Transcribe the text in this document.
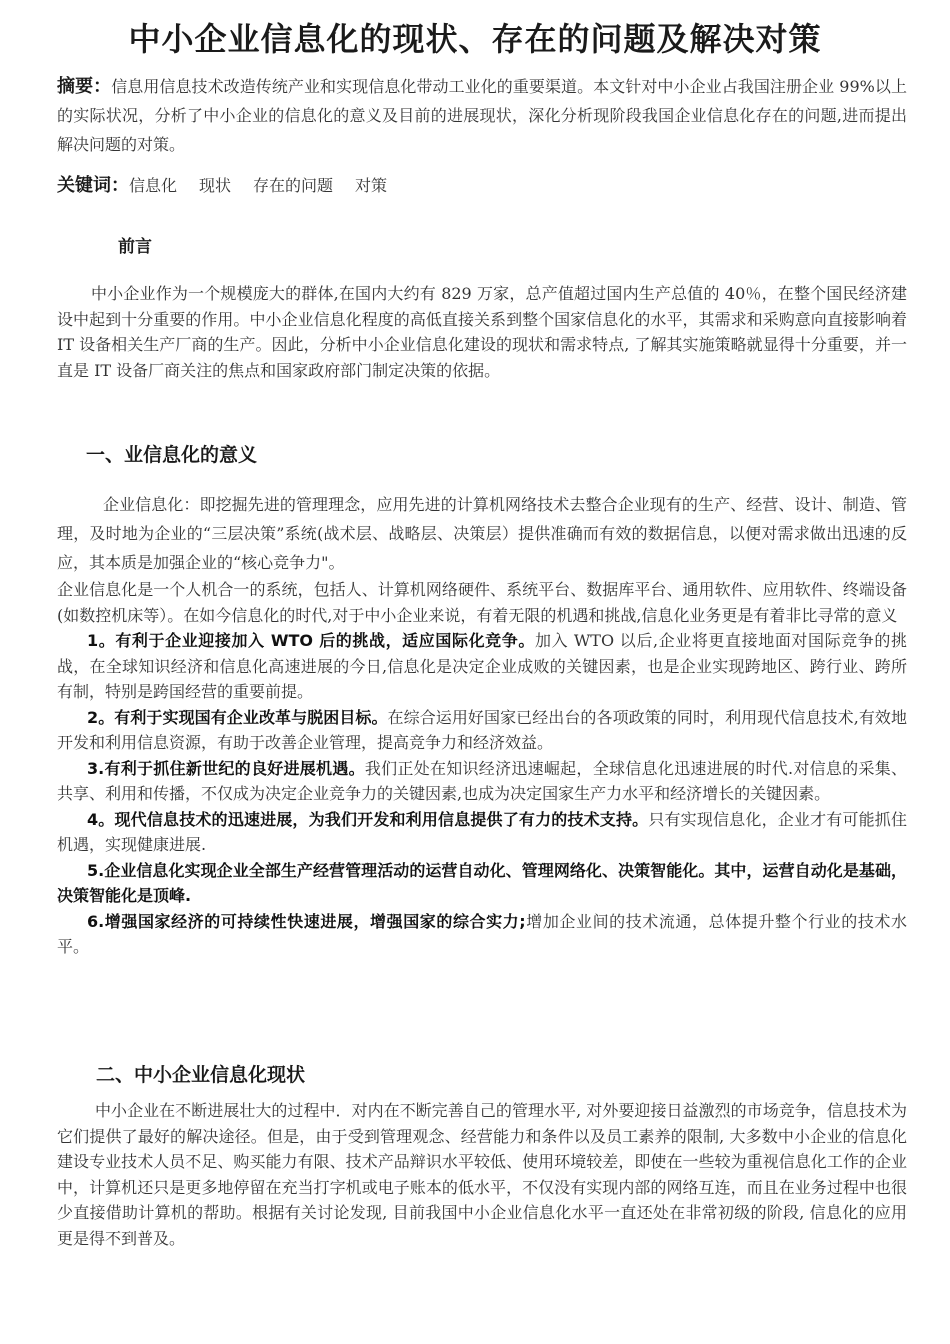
中小企业信息化的现状、存在的问题及解决对策

摘要：信息用信息技术改造传统产业和实现信息化带动工业化的重要渠道。本文针对中小企业占我国注册企业 99%以上的实际状况，分析了中小企业的信息化的意义及目前的进展现状，深化分析现阶段我国企业信息化存在的问题,进而提出解决问题的对策。

关键词：信息化 现状 存在的问题 对策

前言

中小企业作为一个规模庞大的群体,在国内大约有 829 万家，总产值超过国内生产总值的 40％，在整个国民经济建设中起到十分重要的作用。中小企业信息化程度的高低直接关系到整个国家信息化的水平，其需求和采购意向直接影响着 IT 设备相关生产厂商的生产。因此，分析中小企业信息化建设的现状和需求特点, 了解其实施策略就显得十分重要，并一直是 IT 设备厂商关注的焦点和国家政府部门制定决策的依据。

一、业信息化的意义

企业信息化：即挖掘先进的管理理念，应用先进的计算机网络技术去整合企业现有的生产、经营、设计、制造、管理，及时地为企业的“三层决策”系统(战术层、战略层、决策层）提供准确而有效的数据信息，以便对需求做出迅速的反应，其本质是加强企业的“核心竞争力"。

企业信息化是一个人机合一的系统，包括人、计算机网络硬件、系统平台、数据库平台、通用软件、应用软件、终端设备(如数控机床等）。在如今信息化的时代,对于中小企业来说，有着无限的机遇和挑战,信息化业务更是有着非比寻常的意义

1。有利于企业迎接加入 WTO 后的挑战，适应国际化竞争。加入 WTO 以后,企业将更直接地面对国际竞争的挑战，在全球知识经济和信息化高速进展的今日,信息化是决定企业成败的关键因素，也是企业实现跨地区、跨行业、跨所有制，特别是跨国经营的重要前提。

2。有利于实现国有企业改革与脱困目标。在综合运用好国家已经出台的各项政策的同时，利用现代信息技术,有效地开发和利用信息资源，有助于改善企业管理，提高竞争力和经济效益。

3.有利于抓住新世纪的良好进展机遇。我们正处在知识经济迅速崛起，全球信息化迅速进展的时代.对信息的采集、共享、利用和传播，不仅成为决定企业竞争力的关键因素,也成为决定国家生产力水平和经济增长的关键因素。

4。现代信息技术的迅速进展，为我们开发和利用信息提供了有力的技术支持。只有实现信息化，企业才有可能抓住机遇，实现健康进展.

5.企业信息化实现企业全部生产经营管理活动的运营自动化、管理网络化、决策智能化。其中，运营自动化是基础，决策智能化是顶峰.

6.增强国家经济的可持续性快速进展，增强国家的综合实力;增加企业间的技术流通，总体提升整个行业的技术水平。

二、中小企业信息化现状

中小企业在不断进展壮大的过程中．对内在不断完善自己的管理水平, 对外要迎接日益激烈的市场竞争，信息技术为它们提供了最好的解决途径。但是，由于受到管理观念、经营能力和条件以及员工素养的限制, 大多数中小企业的信息化建设专业技术人员不足、购买能力有限、技术产品辩识水平较低、使用环境较差，即使在一些较为重视信息化工作的企业中，计算机还只是更多地停留在充当打字机或电子账本的低水平，不仅没有实现内部的网络互连，而且在业务过程中也很少直接借助计算机的帮助。根据有关讨论发现, 目前我国中小企业信息化水平一直还处在非常初级的阶段, 信息化的应用更是得不到普及。
